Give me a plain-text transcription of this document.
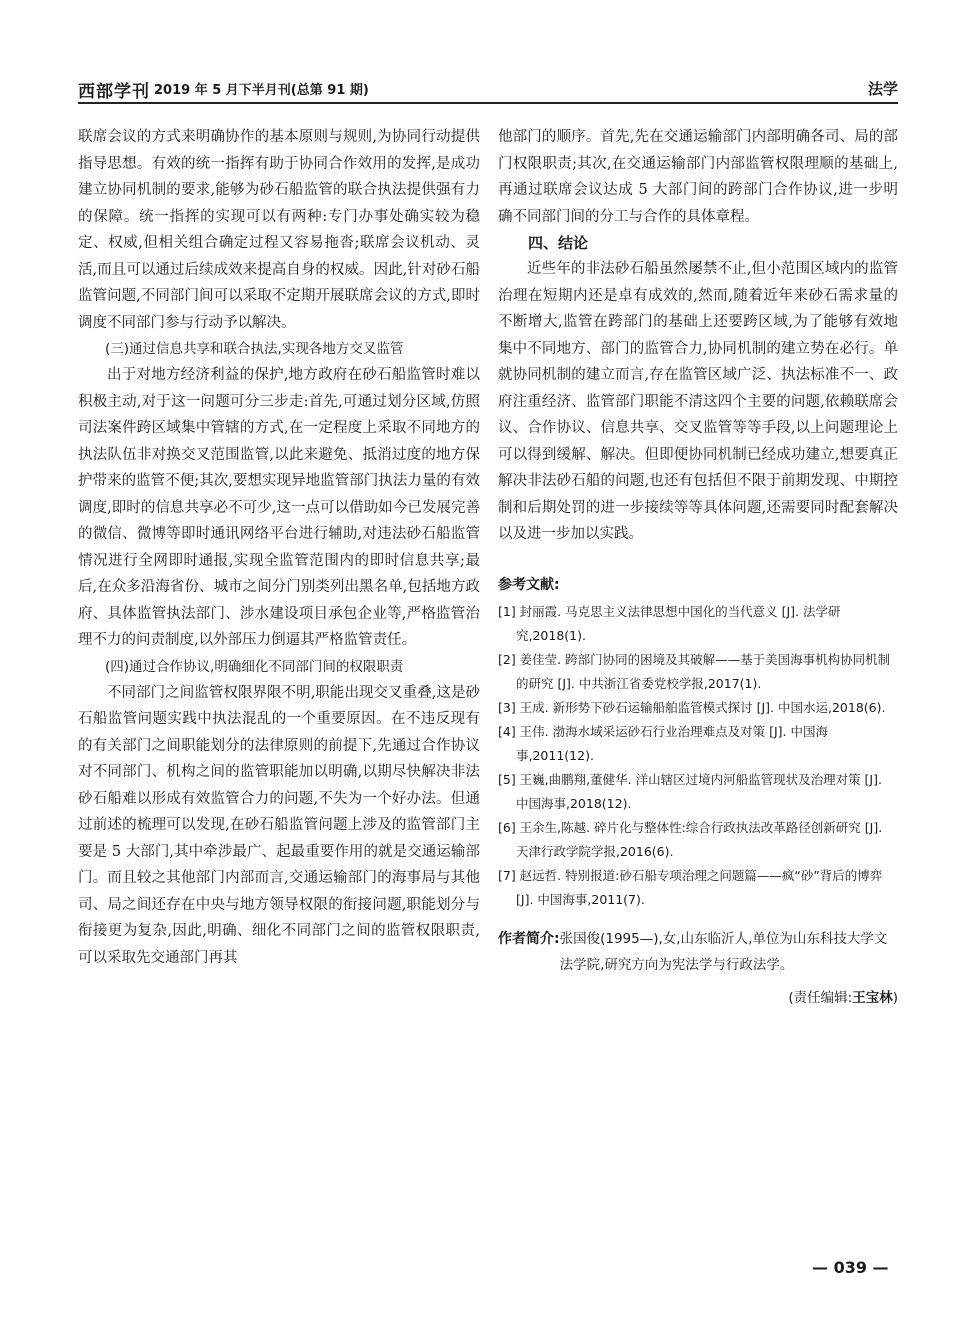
西部学刊 2019 年 5 月下半月刊(总第 91 期)	法学

联席会议的方式来明确协作的基本原则与规则,为协同行动提供指导思想。有效的统一指挥有助于协同合作效用的发挥,是成功建立协同机制的要求,能够为砂石船监管的联合执法提供强有力的保障。统一指挥的实现可以有两种:专门办事处确实较为稳定、权威,但相关组合确定过程又容易拖沓;联席会议机动、灵活,而且可以通过后续成效来提高自身的权威。因此,针对砂石船监管问题,不同部门间可以采取不定期开展联席会议的方式,即时调度不同部门参与行动予以解决。

(三)通过信息共享和联合执法,实现各地方交叉监管

出于对地方经济利益的保护,地方政府在砂石船监管时难以积极主动,对于这一问题可分三步走:首先,可通过划分区域,仿照司法案件跨区域集中管辖的方式,在一定程度上采取不同地方的执法队伍非对换交叉范围监管,以此来避免、抵消过度的地方保护带来的监管不便;其次,要想实现异地监管部门执法力量的有效调度,即时的信息共享必不可少,这一点可以借助如今已发展完善的微信、微博等即时通讯网络平台进行辅助,对违法砂石船监管情况进行全网即时通报,实现全监管范围内的即时信息共享;最后,在众多沿海省份、城市之间分门别类列出黑名单,包括地方政府、具体监管执法部门、涉水建设项目承包企业等,严格监管治理不力的问责制度,以外部压力倒逼其严格监管责任。

(四)通过合作协议,明确细化不同部门间的权限职责

不同部门之间监管权限界限不明,职能出现交叉重叠,这是砂石船监管问题实践中执法混乱的一个重要原因。在不违反现有的有关部门之间职能划分的法律原则的前提下,先通过合作协议对不同部门、机构之间的监管职能加以明确,以期尽快解决非法砂石船难以形成有效监管合力的问题,不失为一个好办法。但通过前述的梳理可以发现,在砂石船监管问题上涉及的监管部门主要是 5 大部门,其中牵涉最广、起最重要作用的就是交通运输部门。而且较之其他部门内部而言,交通运输部门的海事局与其他司、局之间还存在中央与地方领导权限的衔接问题,职能划分与衔接更为复杂,因此,明确、细化不同部门之间的监管权限职责,可以采取先交通部门再其

他部门的顺序。首先,先在交通运输部门内部明确各司、局的部门权限职责;其次,在交通运输部门内部监管权限理顺的基础上,再通过联席会议达成 5 大部门间的跨部门合作协议,进一步明确不同部门间的分工与合作的具体章程。

四、结论

近些年的非法砂石船虽然屡禁不止,但小范围区域内的监管治理在短期内还是卓有成效的,然而,随着近年来砂石需求量的不断增大,监管在跨部门的基础上还要跨区域,为了能够有效地集中不同地方、部门的监管合力,协同机制的建立势在必行。单就协同机制的建立而言,存在监管区域广泛、执法标准不一、政府注重经济、监管部门职能不清这四个主要的问题,依赖联席会议、合作协议、信息共享、交叉监管等等手段,以上问题理论上可以得到缓解、解决。但即便协同机制已经成功建立,想要真正解决非法砂石船的问题,也还有包括但不限于前期发现、中期控制和后期处罚的进一步接续等等具体问题,还需要同时配套解决以及进一步加以实践。

参考文献:

[1] 封丽霞. 马克思主义法律思想中国化的当代意义 [J]. 法学研究,2018(1).
[2] 姜佳莹. 跨部门协同的困境及其破解——基于美国海事机构协同机制的研究 [J]. 中共浙江省委党校学报,2017(1).
[3] 王成. 新形势下砂石运输船舶监管模式探讨 [J]. 中国水运,2018(6).
[4] 王伟. 渤海水域采运砂石行业治理难点及对策 [J]. 中国海事,2011(12).
[5] 王巍,曲鹏翔,董健华. 洋山辖区过境内河船监管现状及治理对策 [J]. 中国海事,2018(12).
[6] 王余生,陈越. 碎片化与整体性:综合行政执法改革路径创新研究 [J]. 天津行政学院学报,2016(6).
[7] 赵远哲. 特别报道:砂石船专项治理之问题篇——疯“砂”背后的博弈 [J]. 中国海事,2011(7).
作者简介: 张国俊(1995—),女,山东临沂人,单位为山东科技大学文法学院,研究方向为宪法学与行政法学。
(责任编辑:王宝林)
— 039 —
